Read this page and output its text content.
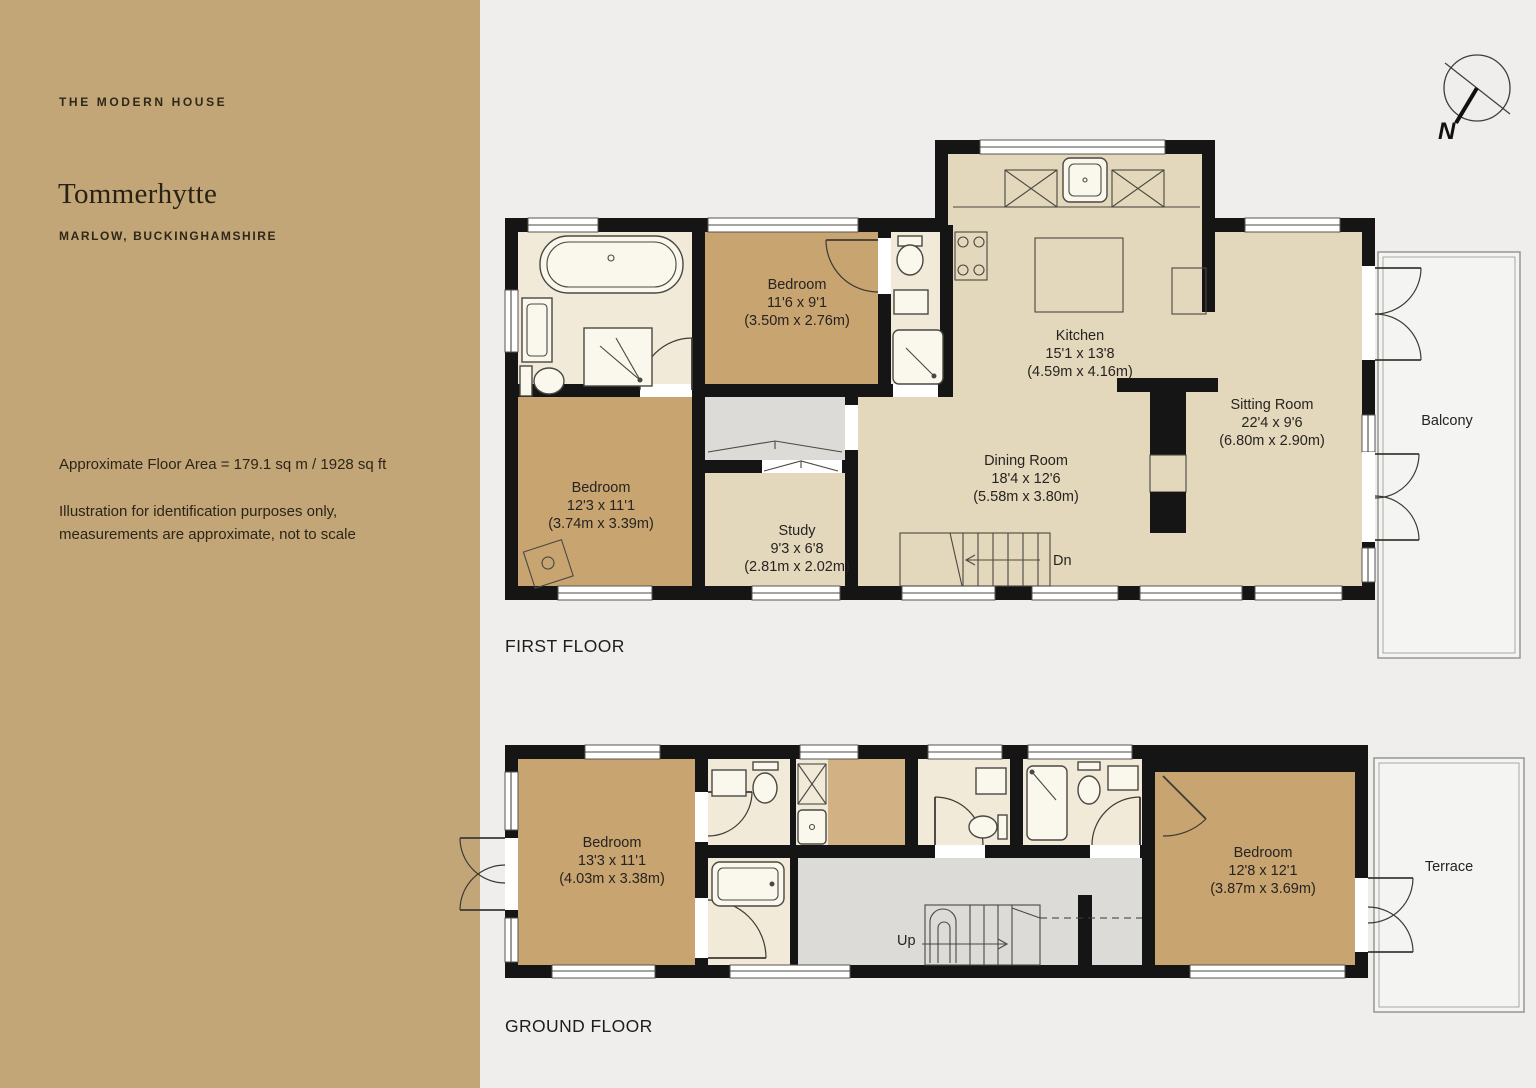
THE MODERN HOUSE
Tommerhytte
MARLOW, BUCKINGHAMSHIRE
Approximate Floor Area = 179.1 sq m / 1928 sq ft
Illustration for identification purposes only,
measurements are approximate, not to scale
N
Bedroom
11'6 x 9'1
(3.50m x 2.76m)
Kitchen
15'1 x 13'8
(4.59m x 4.16m)
Sitting Room
22'4 x 9'6
(6.80m x 2.90m)
Dining Room
18'4 x 12'6
(5.58m x 3.80m)
Bedroom
12'3 x 11'1
(3.74m x 3.39m)	Study
9'3 x 6'8
(2.81m x 2.02m)	Dn
Balcony
FIRST FLOOR
Bedroom
13'3 x 11'1
(4.03m x 3.38m)
Bedroom
12'8 x 12'1
(3.87m x 3.69m)
Up
Terrace
GROUND FLOOR
